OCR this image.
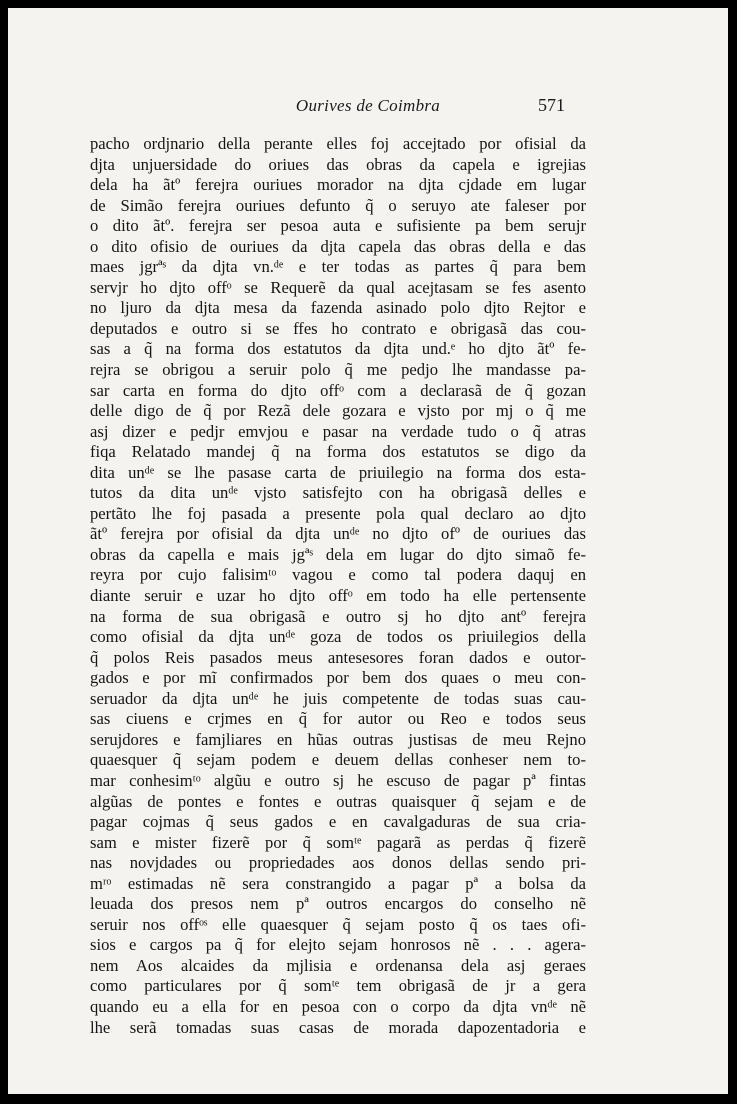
Ourives de Coimbra	571
pacho ordjnario della perante elles foj accejtado por ofisial da
djta unjuersidade do oriues das obras da capela e igrejias
dela ha ãtº ferejra ouriues morador na djta cjdade em lugar
de Simão ferejra ouriues defunto q̃ o seruyo ate faleser por
o dito ãtº. ferejra ser pesoa auta e sufisiente pa bem serujr
o dito ofisio de ouriues da djta capela das obras della e das
maes jgrªˢ da djta vn.ᵈᵉ e ter todas as partes q̃ para bem
servjr ho djto offᵒ se Requerẽ da qual acejtasam se fes asento
no ljuro da djta mesa da fazenda asinado polo djto Rejtor e
deputados e outro si se ffes ho contrato e obrigasã das cou-
sas a q̃ na forma dos estatutos da djta und.ᵉ ho djto ãtº fe-
rejra se obrigou a seruir polo q̃ me pedjo lhe mandasse pa-
sar carta en forma do djto offᵒ com a declarasã de q̃ gozan
delle digo de q̃ por Rezã dele gozara e vjsto por mj o q̃ me
asj dizer e pedjr emvjou e pasar na verdade tudo o q̃ atras
fiqa Relatado mandej q̃ na forma dos estatutos se digo da
dita unᵈᵉ se lhe pasase carta de priuilegio na forma dos esta-
tutos da dita unᵈᵉ vjsto satisfejto con ha obrigasã delles e
pertãto lhe foj pasada a presente pola qual declaro ao djto
ãtº ferejra por ofisial da djta unᵈᵉ no djto ofº de ouriues das
obras da capella e mais jgªˢ dela em lugar do djto simaõ fe-
reyra por cujo falisimᵗᵒ vagou e como tal podera daquj en
diante seruir e uzar ho djto offᵒ em todo ha elle pertensente
na forma de sua obrigasã e outro sj ho djto antº ferejra
como ofisial da djta unᵈᵉ goza de todos os priuilegios della
q̃ polos Reis pasados meus antesesores foran dados e outor-
gados e por mĩ confirmados por bem dos quaes o meu con-
seruador da djta unᵈᵉ he juis competente de todas suas cau-
sas ciuens e crjmes en q̃ for autor ou Reo e todos seus
serujdores e famjliares en hũas outras justisas de meu Rejno
quaesquer q̃ sejam podem e deuem dellas conheser nem to-
mar conhesimᵗᵒ algũu e outro sj he escuso de pagar pª fintas
algũas de pontes e fontes e outras quaisquer q̃ sejam e de
pagar cojmas q̃ seus gados e en cavalgaduras de sua cria-
sam e mister fizerẽ por q̃ somᵗᵉ pagarã as perdas q̃ fizerẽ
nas novjdades ou propriedades aos donos dellas sendo pri-
mʳᵒ estimadas nẽ sera constrangido a pagar pª a bolsa da
leuada dos presos nem pª outros encargos do conselho nẽ
seruir nos offᵒˢ elle quaesquer q̃ sejam posto q̃ os taes ofi-
sios e cargos pa q̃ for elejto sejam honrosos nẽ . . . agera-
nem Aos alcaides da mjlisia e ordenansa dela asj geraes
como particulares por q̃ somᵗᵉ tem obrigasã de jr a gera
quando eu a ella for en pesoa con o corpo da djta vnᵈᵉ nẽ
lhe serã tomadas suas casas de morada dapozentadoria e
